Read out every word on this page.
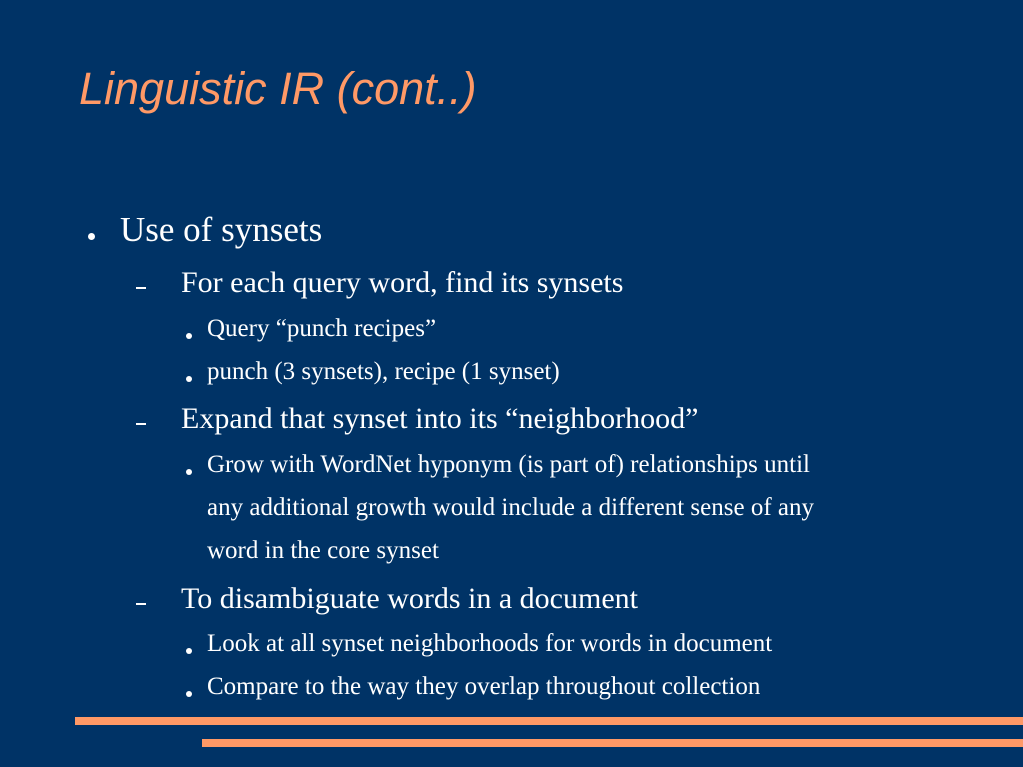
Linguistic IR (cont..)
Use of synsets
For each query word, find its synsets
Query “punch recipes”
punch (3 synsets), recipe (1 synset)
Expand that synset into its “neighborhood”
Grow with WordNet hyponym (is part of) relationships until
any additional growth would include a different sense of any
word in the core synset
To disambiguate words in a document
Look at all synset neighborhoods for words in document
Compare to the way they overlap throughout collection
